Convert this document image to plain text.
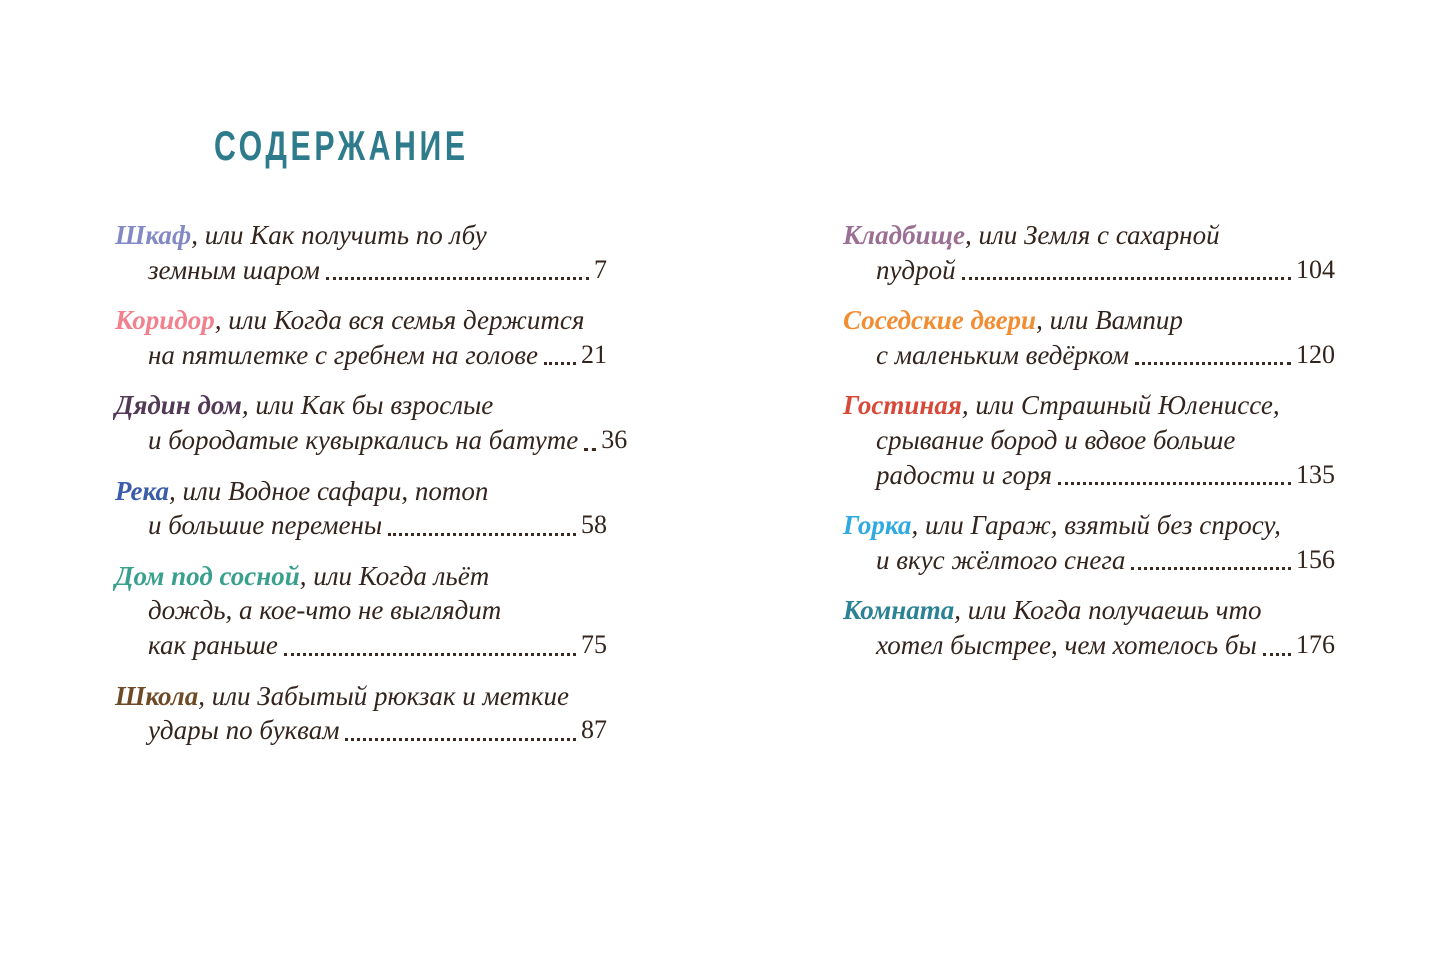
СОДЕРЖАНИЕ
Шкаф, или Как получить по лбу
земным шаром	7
Коридор, или Когда вся семья держится
на пятилетке с гребнем на голове 21
Дядин дом, или Как бы взрослые
и бородатые кувыркались на батуте 36
Река, или Водное сафари, потоп
и большие перемены	58
Дом под сосной, или Когда льёт
дождь, а кое-что не выглядит
как раньше	75
Школа, или Забытый рюкзак и меткие
удары по буквам	87
Кладбище, или Земля с сахарной
пудрой	104
Соседские двери, или Вампир
с маленьким ведёрком	120
Гостиная, или Страшный Юлениссе,
срывание бород и вдвое больше
радости и горя	135
Горка, или Гараж, взятый без спросу,
и вкус жёлтого снега	156
Комната, или Когда получаешь что
хотел быстрее, чем хотелось бы 176
